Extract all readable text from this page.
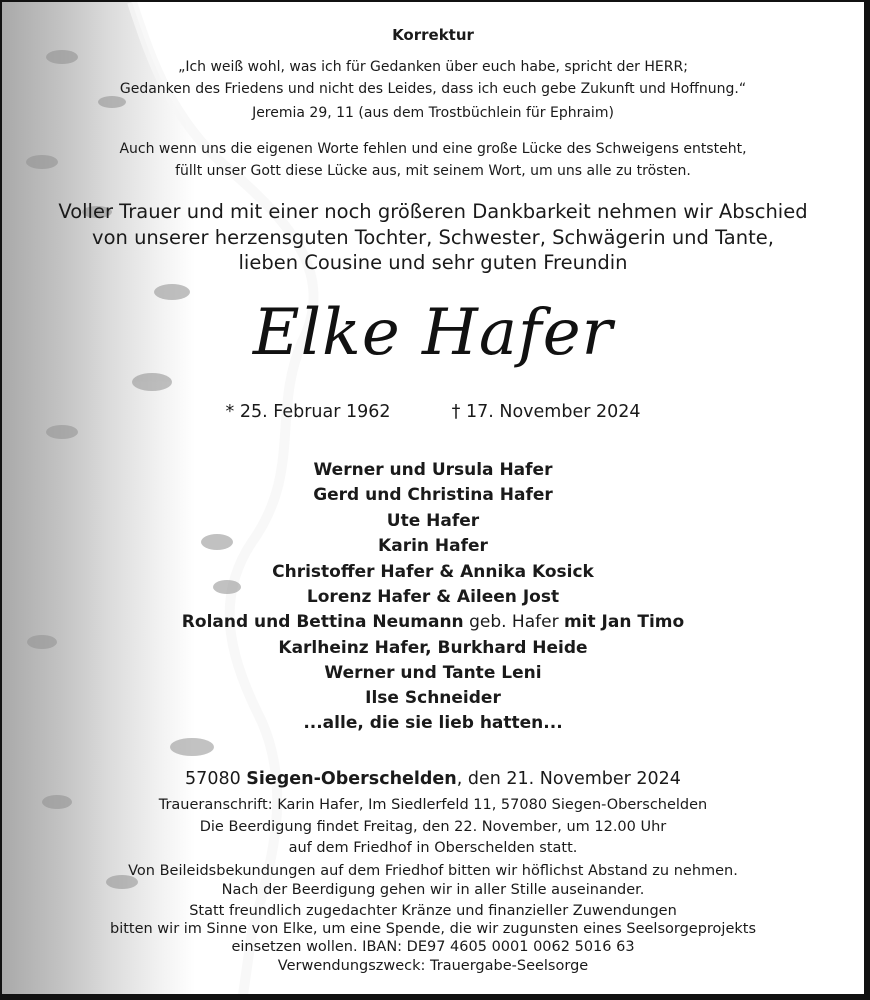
Korrektur
„Ich weiß wohl, was ich für Gedanken über euch habe, spricht der HERR;
Gedanken des Friedens und nicht des Leides, dass ich euch gebe Zukunft und Hoffnung.“
Jeremia 29, 11 (aus dem Trostbüchlein für Ephraim)
Auch wenn uns die eigenen Worte fehlen und eine große Lücke des Schweigens entsteht,
füllt unser Gott diese Lücke aus, mit seinem Wort, um uns alle zu trösten.
Voller Trauer und mit einer noch größeren Dankbarkeit nehmen wir Abschied
von unserer herzensguten Tochter, Schwester, Schwägerin und Tante,
lieben Cousine und sehr guten Freundin
Elke Hafer
* 25. Februar 1962	† 17. November 2024
Werner und Ursula Hafer
Gerd und Christina Hafer
Ute Hafer
Karin Hafer
Christoffer Hafer & Annika Kosick
Lorenz Hafer & Aileen Jost
Roland und Bettina Neumann geb. Hafer mit Jan Timo
Karlheinz Hafer, Burkhard Heide
Werner und Tante Leni
Ilse Schneider
...alle, die sie lieb hatten...
57080 Siegen-Oberschelden, den 21. November 2024
Traueranschrift: Karin Hafer, Im Siedlerfeld 11, 57080 Siegen-Oberschelden
Die Beerdigung findet Freitag, den 22. November, um 12.00 Uhr
auf dem Friedhof in Oberschelden statt.
Von Beileidsbekundungen auf dem Friedhof bitten wir höflichst Abstand zu nehmen.
Nach der Beerdigung gehen wir in aller Stille auseinander.
Statt freundlich zugedachter Kränze und finanzieller Zuwendungen
bitten wir im Sinne von Elke, um eine Spende, die wir zugunsten eines Seelsorgeprojekts
einsetzen wollen. IBAN: DE97 4605 0001 0062 5016 63
Verwendungszweck: Trauergabe-Seelsorge
